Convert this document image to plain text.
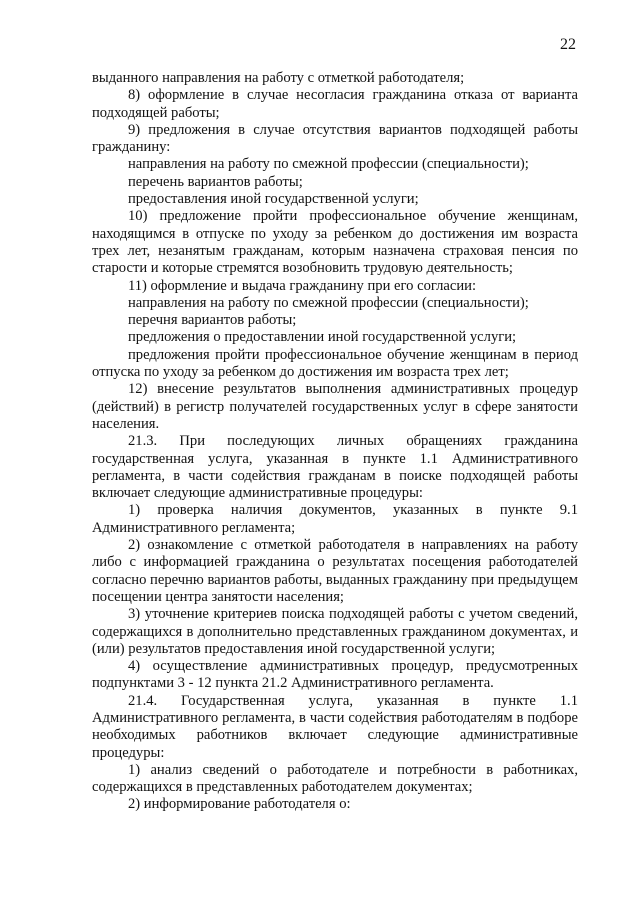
22

выданного направления на работу с отметкой работодателя;

8) оформление в случае несогласия гражданина отказа от варианта подходящей работы;

9) предложения в случае отсутствия вариантов подходящей работы гражданину:

направления на работу по смежной профессии (специальности);

перечень вариантов работы;

предоставления иной государственной услуги;

10) предложение пройти профессиональное обучение женщинам, находящимся в отпуске по уходу за ребенком до достижения им возраста трех лет, незанятым гражданам, которым назначена страховая пенсия по старости и которые стремятся возобновить трудовую деятельность;

11) оформление и выдача гражданину при его согласии:

направления на работу по смежной профессии (специальности);

перечня вариантов работы;

предложения о предоставлении иной государственной услуги;

предложения пройти профессиональное обучение женщинам в период отпуска по уходу за ребенком до достижения им возраста трех лет;

12) внесение результатов выполнения административных процедур (действий) в регистр получателей государственных услуг в сфере занятости населения.

21.3. При последующих личных обращениях гражданина государственная услуга, указанная в пункте 1.1 Административного регламента, в части содействия гражданам в поиске подходящей работы включает следующие административные процедуры:

1) проверка наличия документов, указанных в пункте 9.1 Административного регламента;

2) ознакомление с отметкой работодателя в направлениях на работу либо с информацией гражданина о результатах посещения работодателей согласно перечню вариантов работы, выданных гражданину при предыдущем посещении центра занятости населения;

3) уточнение критериев поиска подходящей работы с учетом сведений, содержащихся в дополнительно представленных гражданином документах, и (или) результатов предоставления иной государственной услуги;

4) осуществление административных процедур, предусмотренных подпунктами 3 - 12 пункта 21.2 Административного регламента.

21.4. Государственная услуга, указанная в пункте 1.1 Административного регламента, в части содействия работодателям в подборе необходимых работников включает следующие административные процедуры:

1) анализ сведений о работодателе и потребности в работниках, содержащихся в представленных работодателем документах;

2) информирование работодателя о:
